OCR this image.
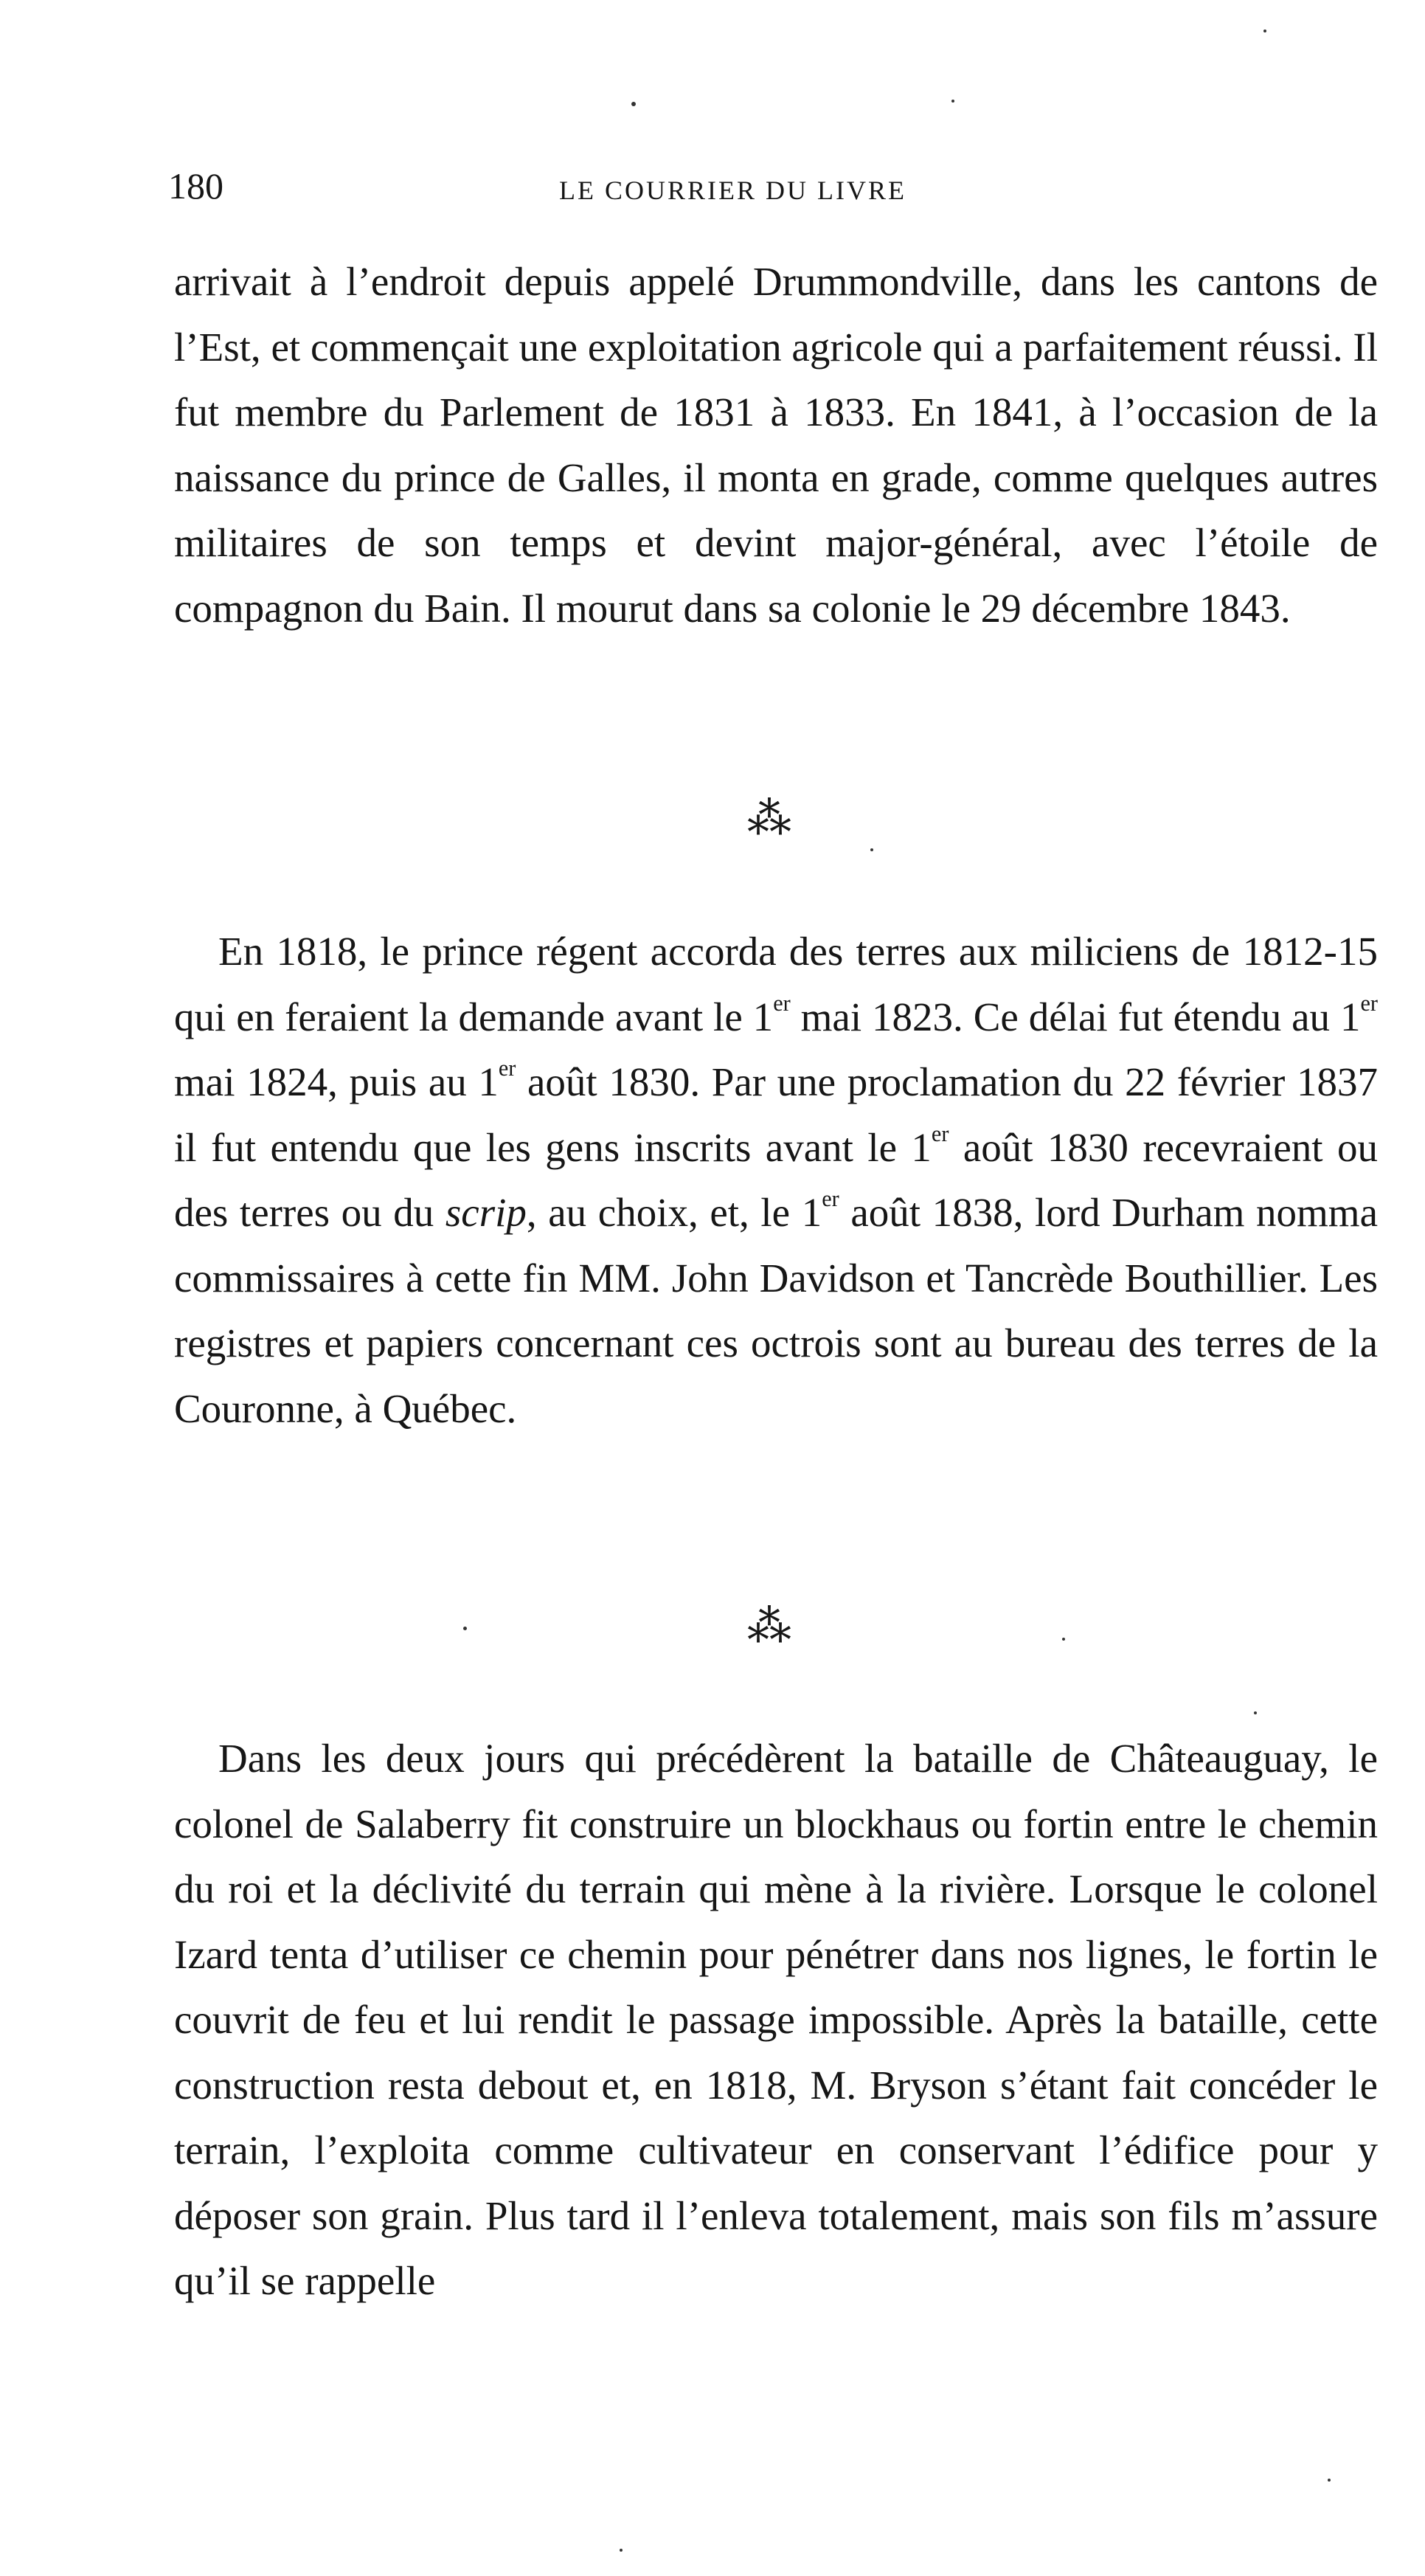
180	LE COURRIER DU LIVRE

arrivait à l’endroit depuis appelé Drummondville, dans les cantons de l’Est, et commençait une exploitation agricole qui a parfaitement réussi. Il fut membre du Parlement de 1831 à 1833. En 1841, à l’occasion de la naissance du prince de Galles, il monta en grade, comme quelques autres militaires de son temps et devint major-général, avec l’étoile de compagnon du Bain. Il mourut dans sa colonie le 29 décembre 1843.

⁂

En 1818, le prince régent accorda des terres aux miliciens de 1812-15 qui en feraient la demande avant le 1er mai 1823. Ce délai fut étendu au 1er mai 1824, puis au 1er août 1830. Par une proclamation du 22 février 1837 il fut entendu que les gens inscrits avant le 1er août 1830 recevraient ou des terres ou du scrip, au choix, et, le 1er août 1838, lord Durham nomma commissaires à cette fin MM. John Davidson et Tancrède Bouthillier. Les registres et papiers concernant ces octrois sont au bureau des terres de la Couronne, à Québec.

⁂

Dans les deux jours qui précédèrent la bataille de Châteauguay, le colonel de Salaberry fit construire un blockhaus ou fortin entre le chemin du roi et la déclivité du terrain qui mène à la rivière. Lorsque le colonel Izard tenta d’utiliser ce chemin pour pénétrer dans nos lignes, le fortin le couvrit de feu et lui rendit le passage impossible. Après la bataille, cette construction resta debout et, en 1818, M. Bryson s’étant fait concéder le terrain, l’exploita comme cultivateur en conservant l’édifice pour y déposer son grain. Plus tard il l’enleva totalement, mais son fils m’assure qu’il se rappelle
